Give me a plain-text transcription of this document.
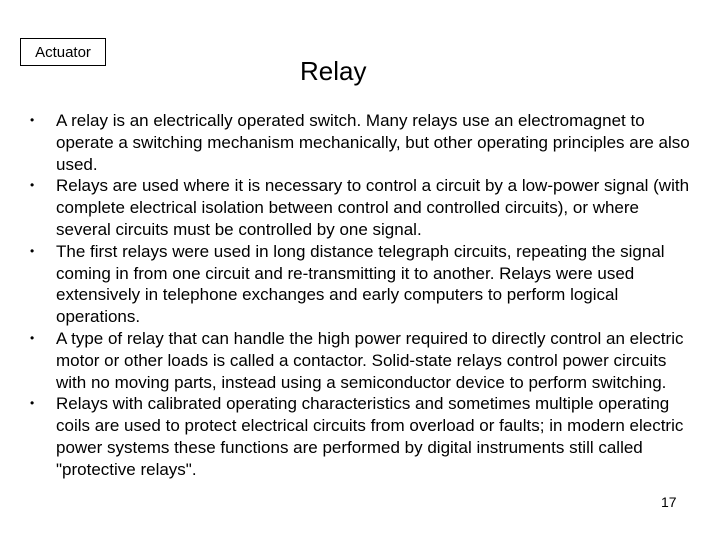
Actuator
Relay
• A relay is an electrically operated switch. Many relays use an electromagnet to operate a switching mechanism mechanically, but other operating principles are also used.
• Relays are used where it is necessary to control a circuit by a low-power signal (with complete electrical isolation between control and controlled circuits), or where several circuits must be controlled by one signal.
• The first relays were used in long distance telegraph circuits, repeating the signal coming in from one circuit and re-transmitting it to another. Relays were used extensively in telephone exchanges and early computers to perform logical operations.
• A type of relay that can handle the high power required to directly control an electric motor or other loads is called a contactor. Solid-state relays control power circuits with no moving parts, instead using a semiconductor device to perform switching.
• Relays with calibrated operating characteristics and sometimes multiple operating coils are used to protect electrical circuits from overload or faults; in modern electric power systems these functions are performed by digital instruments still called "protective relays".
17
